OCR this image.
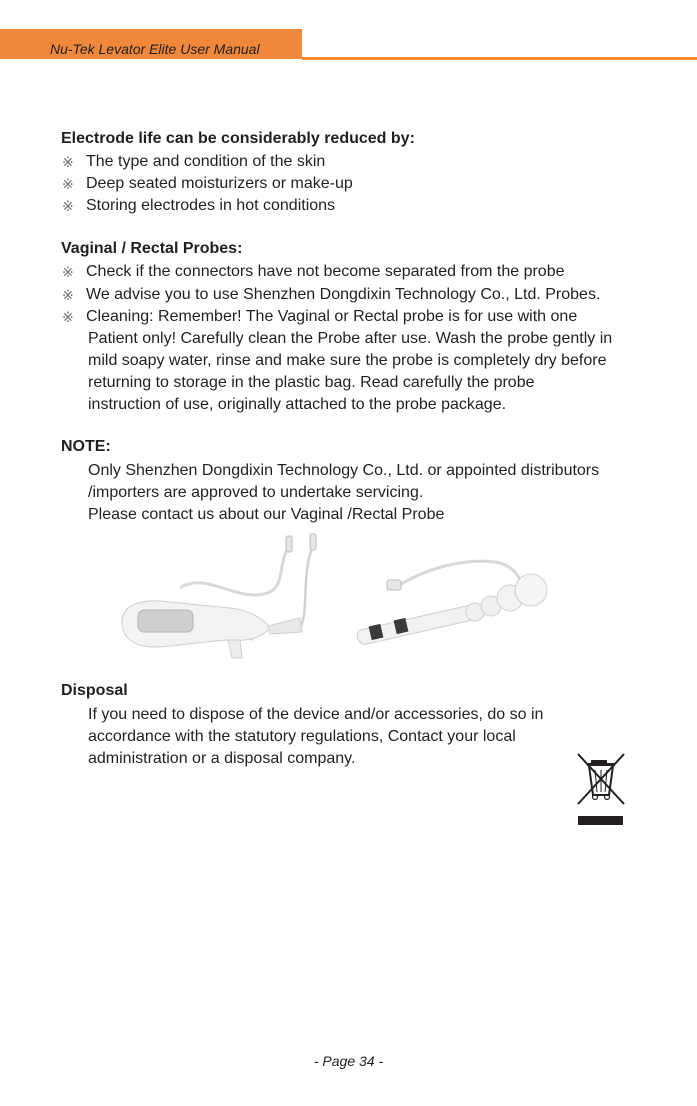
Nu-Tek Levator Elite User Manual
Electrode life can be considerably reduced by:
※ The type and condition of the skin
※ Deep seated moisturizers or make-up
※ Storing electrodes in hot conditions
Vaginal / Rectal Probes:
※ Check if the connectors have not become separated from the probe
※ We advise you to use Shenzhen Dongdixin Technology Co., Ltd. Probes.
※ Cleaning: Remember! The Vaginal or Rectal probe is for use with one
Patient only! Carefully clean the Probe after use. Wash the probe gently in
mild soapy water, rinse and make sure the probe is completely dry before
returning to storage in the plastic bag. Read carefully the probe
instruction of use, originally attached to the probe package.
NOTE:
Only Shenzhen Dongdixin Technology Co., Ltd. or appointed distributors
/importers are approved to undertake servicing.
Please contact us about our Vaginal /Rectal Probe
Disposal
If you need to dispose of the device and/or accessories, do so in
accordance with the statutory regulations, Contact your local
administration or a disposal company.
- Page 34 -
